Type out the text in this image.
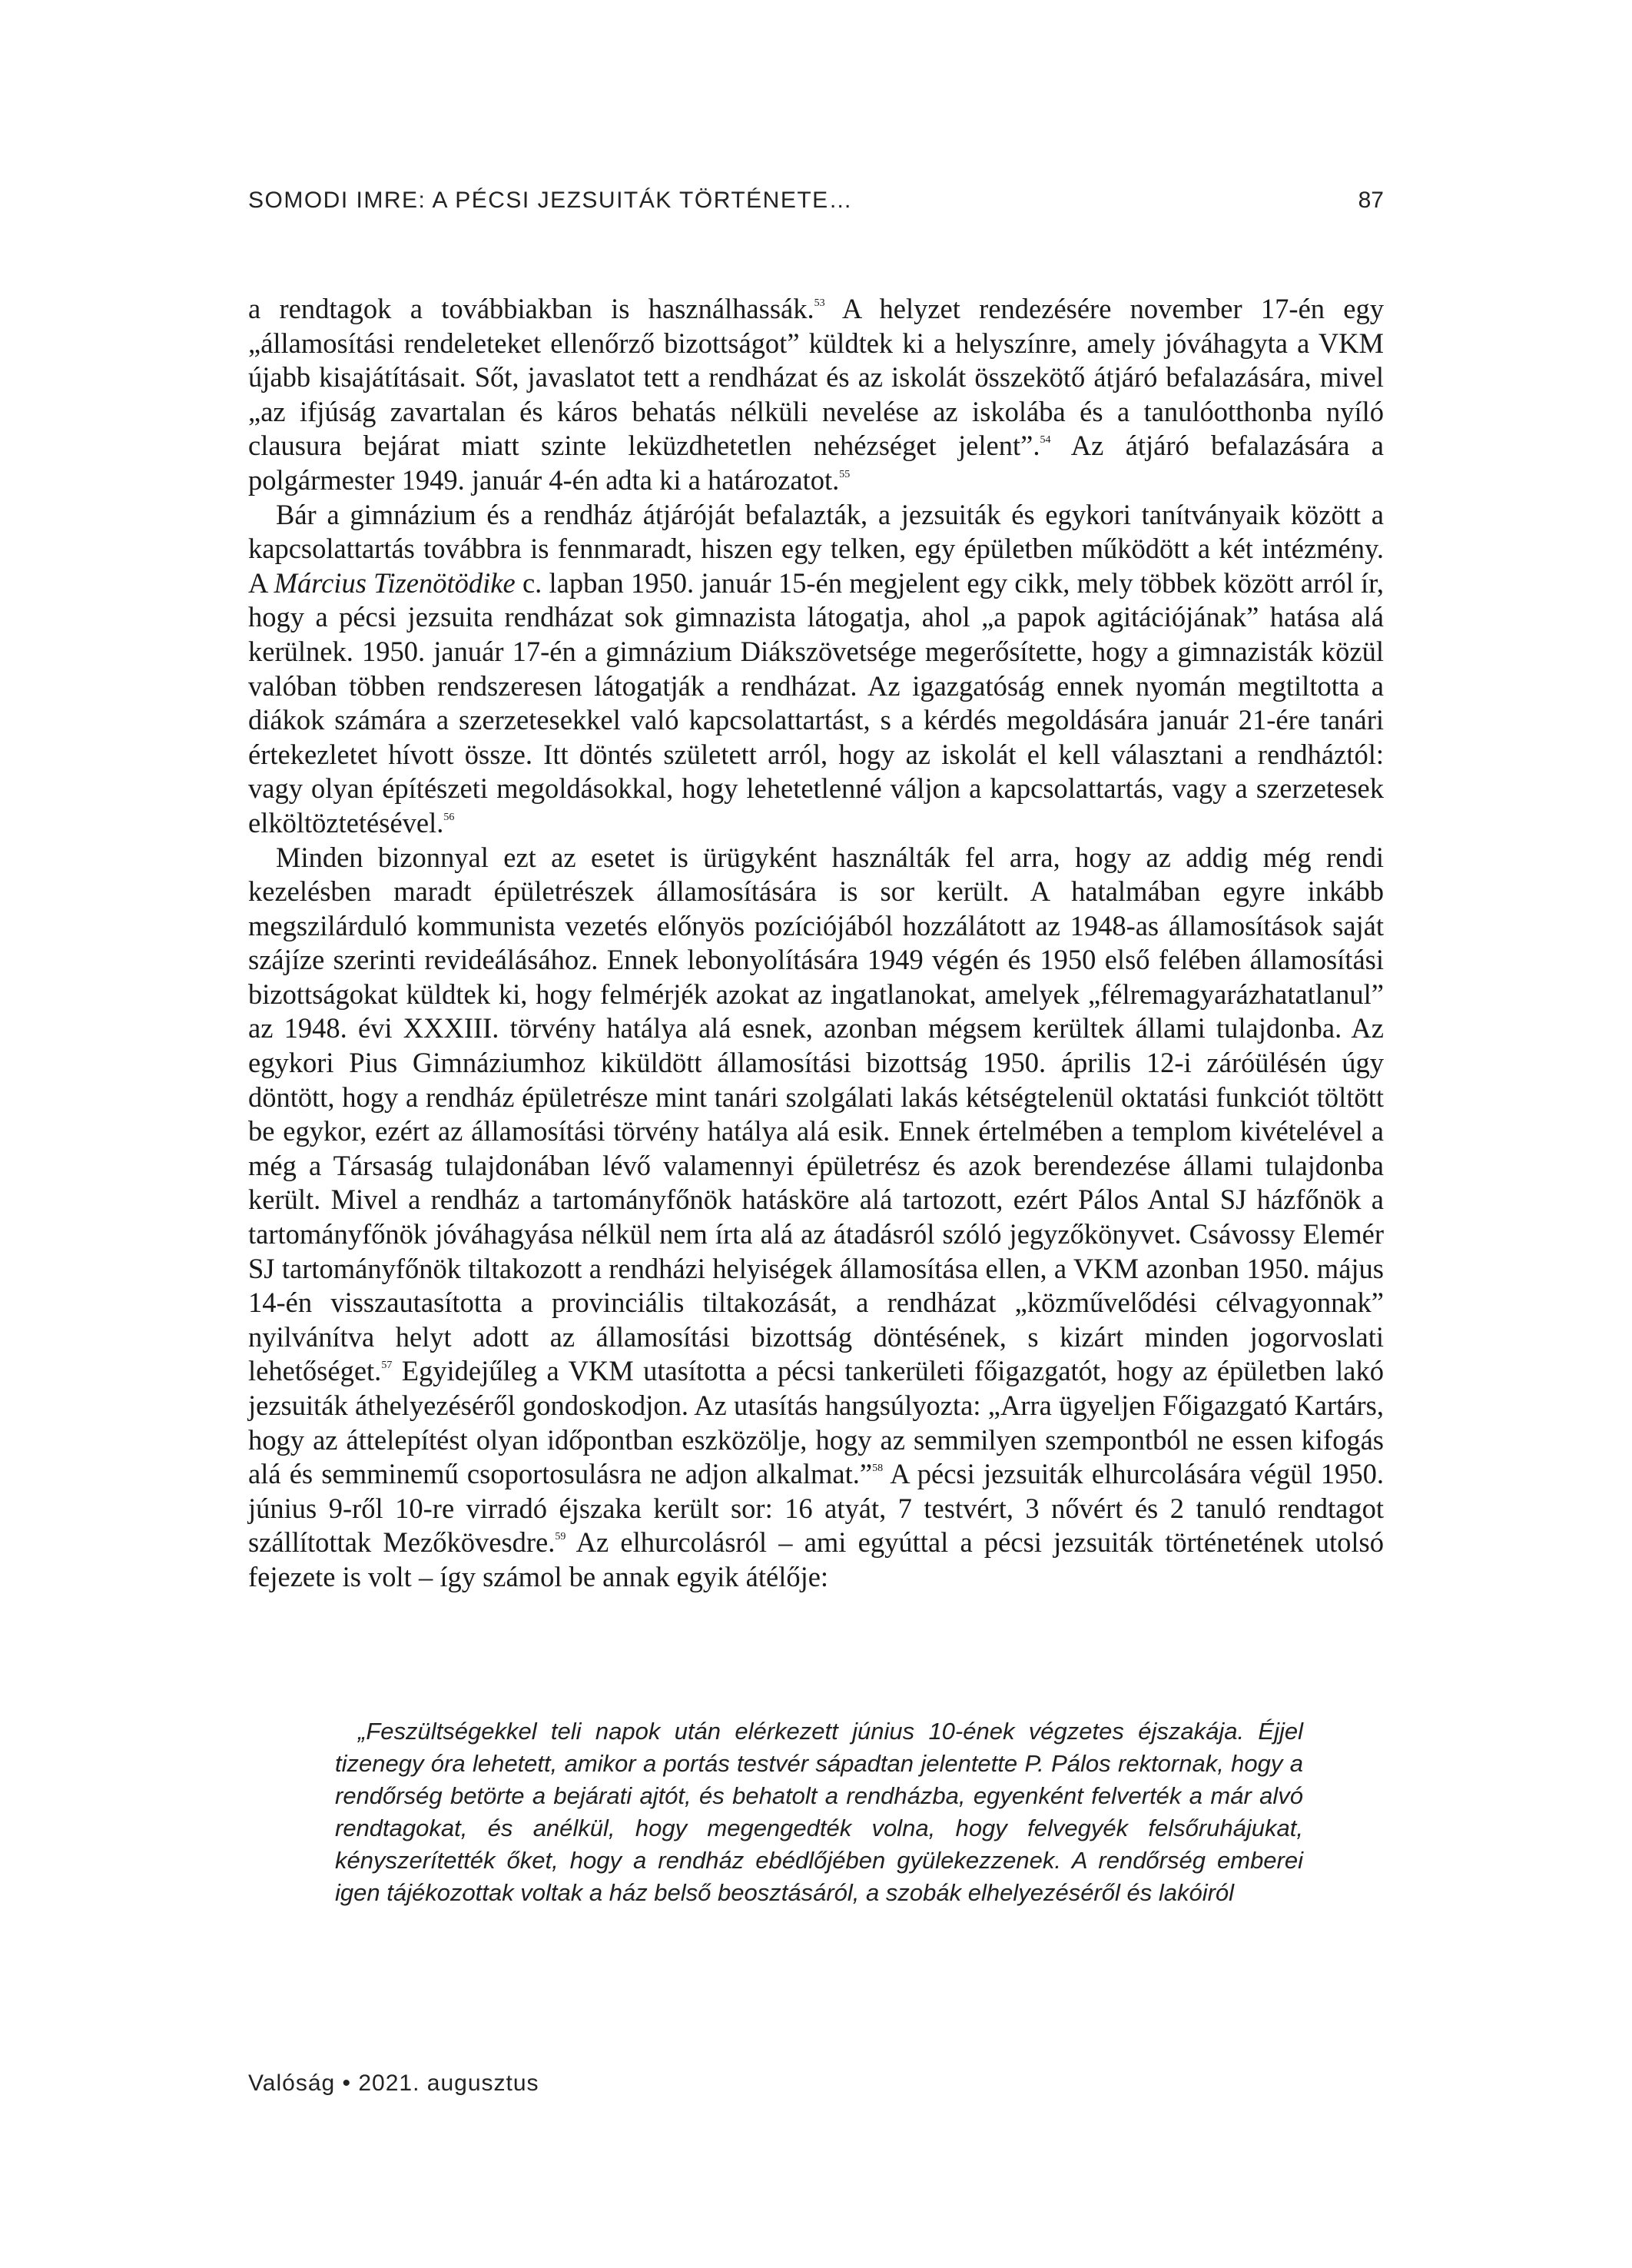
SOMODI IMRE: A PÉCSI JEZSUITÁK TÖRTÉNETE…	87

a rendtagok a továbbiakban is használhassák.$^{53}$ A helyzet rendezésére november 17-én egy „államosítási rendeleteket ellenőrző bizottságot” küldtek ki a helyszínre, amely jóváhagyta a VKM újabb kisajátításait. Sőt, javaslatot tett a rendházat és az iskolát összekötő átjáró befalazására, mivel „az ifjúság zavartalan és káros behatás nélküli nevelése az iskolába és a tanulóotthonba nyíló clausura bejárat miatt szinte leküzdhetetlen nehézséget jelent”.$^{54}$ Az átjáró befalazására a polgármester 1949. január 4-én adta ki a határozatot.$^{55}$

Bár a gimnázium és a rendház átjáróját befalazták, a jezsuiták és egykori tanítványaik között a kapcsolattartás továbbra is fennmaradt, hiszen egy telken, egy épületben működött a két intézmény. A Március Tizenötödike c. lapban 1950. január 15-én megjelent egy cikk, mely többek között arról ír, hogy a pécsi jezsuita rendházat sok gimnazista látogatja, ahol „a papok agitációjának” hatása alá kerülnek. 1950. január 17-én a gimnázium Diákszövetsége megerősítette, hogy a gimnazisták közül valóban többen rendszeresen látogatják a rendházat. Az igazgatóság ennek nyomán megtiltotta a diákok számára a szerzetesekkel való kapcsolattartást, s a kérdés megoldására január 21-ére tanári értekezletet hívott össze. Itt döntés született arról, hogy az iskolát el kell választani a rendháztól: vagy olyan építészeti megoldásokkal, hogy lehetetlenné váljon a kapcsolattartás, vagy a szerzetesek elköltöztetésével.$^{56}$

Minden bizonnyal ezt az esetet is ürügyként használták fel arra, hogy az addig még rendi kezelésben maradt épületrészek államosítására is sor került. A hatalmában egyre inkább megszilárduló kommunista vezetés előnyös pozíciójából hozzálátott az 1948-as államosítások saját szájíze szerinti revideálásához. Ennek lebonyolítására 1949 végén és 1950 első felében államosítási bizottságokat küldtek ki, hogy felmérjék azokat az ingatlanokat, amelyek „félremagyarázhatatlanul” az 1948. évi XXXIII. törvény hatálya alá esnek, azonban mégsem kerültek állami tulajdonba. Az egykori Pius Gimnáziumhoz kiküldött államosítási bizottság 1950. április 12-i záróülésén úgy döntött, hogy a rendház épületrésze mint tanári szolgálati lakás kétségtelenül oktatási funkciót töltött be egykor, ezért az államosítási törvény hatálya alá esik. Ennek értelmében a templom kivételével a még a Társaság tulajdonában lévő valamennyi épületrész és azok berendezése állami tulajdonba került. Mivel a rendház a tartományfőnök hatásköre alá tartozott, ezért Pálos Antal SJ házfőnök a tartományfőnök jóváhagyása nélkül nem írta alá az átadásról szóló jegyzőkönyvet. Csávossy Elemér SJ tartományfőnök tiltakozott a rendházi helyiségek államosítása ellen, a VKM azonban 1950. május 14-én visszautasította a provinciális tiltakozását, a rendházat „közművelődési célvagyonnak” nyilvánítva helyt adott az államosítási bizottság döntésének, s kizárt minden jogorvoslati lehetőséget.$^{57}$ Egyidejűleg a VKM utasította a pécsi tankerületi főigazgatót, hogy az épületben lakó jezsuiták áthelyezéséről gondoskodjon. Az utasítás hangsúlyozta: „Arra ügyeljen Főigazgató Kartárs, hogy az áttelepítést olyan időpontban eszközölje, hogy az semmilyen szempontból ne essen kifogás alá és semminemű csoportosulásra ne adjon alkalmat.”$^{58}$ A pécsi jezsuiták elhurcolására végül 1950. június 9-ről 10-re virradó éjszaka került sor: 16 atyát, 7 testvért, 3 nővért és 2 tanuló rendtagot szállítottak Mezőkövesdre.$^{59}$ Az elhurcolásról – ami egyúttal a pécsi jezsuiták történetének utolsó fejezete is volt – így számol be annak egyik átélője:

„Feszültségekkel teli napok után elérkezett június 10-ének végzetes éjszakája. Éjjel tizenegy óra lehetett, amikor a portás testvér sápadtan jelentette P. Pálos rektornak, hogy a rendőrség betörte a bejárati ajtót, és behatolt a rendházba, egyenként felverték a már alvó rendtagokat, és anélkül, hogy megengedték volna, hogy felvegyék felsőruhájukat, kényszerítették őket, hogy a rendház ebédlőjében gyülekezzenek. A rendőrség emberei igen tájékozottak voltak a ház belső beosztásáról, a szobák elhelyezéséről és lakóiról

Valóság • 2021. augusztus
